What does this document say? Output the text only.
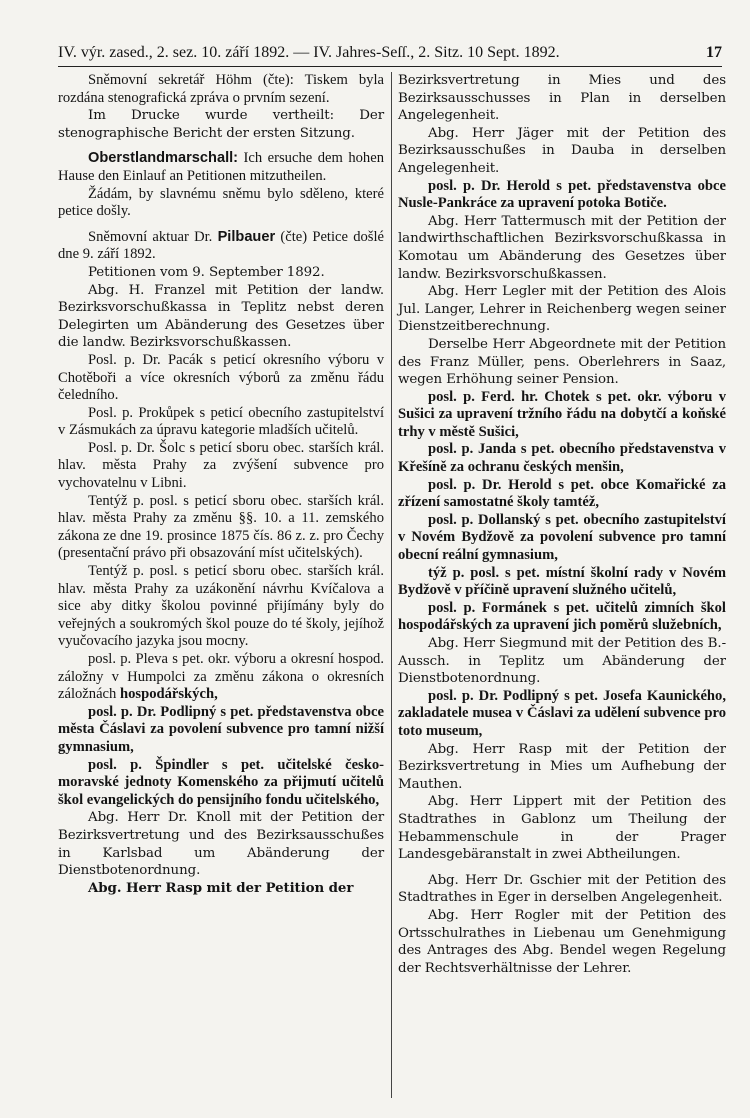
IV. výr. zased., 2. sez. 10. září 1892. — IV. Jahres-Seſſ., 2. Sitz. 10 Sept. 1892.	17

Sněmovní sekretář Höhm (čte): Tiskem byla rozdána stenografická zpráva o prvním sezení.

Im Drucke wurde vertheilt: Der stenographische Bericht der ersten Sitzung.

Oberstlandmarschall: Ich ersuche dem hohen Hause den Einlauf an Petitionen mitzutheilen.

Žádám, by slavnému sněmu bylo sděleno, které petice došly.

Sněmovní aktuar Dr. Pilbauer (čte) Petice došlé dne 9. září 1892.

Petitionen vom 9. September 1892.

Abg. H. Franzel mit Petition der landw. Bezirksvorschußkassa in Teplitz nebst deren Delegirten um Abänderung des Gesetzes über die landw. Bezirksvorschußkassen.

Posl. p. Dr. Pacák s peticí okresního výboru v Chotěboři a více okresních výborů za změnu řádu čeledního.

Posl. p. Prokůpek s peticí obecního zastupitelství v Zásmukách za úpravu kategorie mladších učitelů.

Posl. p. Dr. Šolc s peticí sboru obec. starších král. hlav. města Prahy za zvýšení subvence pro vychovatelnu v Libni.

Tentýž p. posl. s peticí sboru obec. starších král. hlav. města Prahy za změnu §§. 10. a 11. zemského zákona ze dne 19. prosince 1875 čís. 86 z. z. pro Čechy (presentační právo při obsazování míst učitelských).

Tentýž p. posl. s peticí sboru obec. starších král. hlav. města Prahy za uzákonění návrhu Kvíčalova a sice aby ditky školou povinné přijímány byly do veřejných a soukromých škol pouze do té školy, jejíhož vyučovacího jazyka jsou mocny.

posl. p. Pleva s pet. okr. výboru a okresní hospod. záložny v Humpolci za změnu zákona o okresních záložnách hospodářských,

posl. p. Dr. Podlipný s pet. představenstva obce města Čáslavi za povolení subvence pro tamní nižší gymnasium,

posl. p. Špindler s pet. učitelské česko-moravské jednoty Komenského za přijmutí učitelů škol evangelických do pensijního fondu učitelského,

Abg. Herr Dr. Knoll mit der Petition der Bezirksvertretung und des Bezirksausschußes in Karlsbad um Abänderung der Dienstbotenordnung.

Abg. Herr Rasp mit der Petition der

Bezirksvertretung in Mies und des Bezirksausschusses in Plan in derselben Angelegenheit.

Abg. Herr Jäger mit der Petition des Bezirksausschußes in Dauba in derselben Angelegenheit.

posl. p. Dr. Herold s pet. představenstva obce Nusle-Pankráce za upravení potoka Botiče.

Abg. Herr Tattermusch mit der Petition der landwirthschaftlichen Bezirksvorschußkassa in Komotau um Abänderung des Gesetzes über landw. Bezirksvorschußkassen.

Abg. Herr Legler mit der Petition des Alois Jul. Langer, Lehrer in Reichenberg wegen seiner Dienstzeitberechnung.

Derselbe Herr Abgeordnete mit der Petition des Franz Müller, pens. Oberlehrers in Saaz, wegen Erhöhung seiner Pension.

posl. p. Ferd. hr. Chotek s pet. okr. výboru v Sušici za upravení tržního řádu na dobytčí a koňské trhy v městě Sušici,

posl. p. Janda s pet. obecního představenstva v Křešíně za ochranu českých menšin,

posl. p. Dr. Herold s pet. obce Komařické za zřízení samostatné školy tamtéž,

posl. p. Dollanský s pet. obecního zastupitelství v Novém Bydžově za povolení subvence pro tamní obecní reální gymnasium,

týž p. posl. s pet. místní školní rady v Novém Bydžově v příčině upravení služného učitelů,

posl. p. Formánek s pet. učitelů zimních škol hospodářských za upravení jich poměrů služebních,

Abg. Herr Siegmund mit der Petition des B.-Aussch. in Teplitz um Abänderung der Dienstbotenordnung.

posl. p. Dr. Podlipný s pet. Josefa Kaunického, zakladatele musea v Čáslavi za udělení subvence pro toto museum,

Abg. Herr Rasp mit der Petition der Bezirksvertretung in Mies um Aufhebung der Mauthen.

Abg. Herr Lippert mit der Petition des Stadtrathes in Gablonz um Theilung der Hebammenschule in der Prager Landesgebäranstalt in zwei Abtheilungen.

Abg. Herr Dr. Gschier mit der Petition des Stadtrathes in Eger in derselben Angelegenheit.

Abg. Herr Rogler mit der Petition des Ortsschulrathes in Liebenau um Genehmigung des Antrages des Abg. Bendel wegen Regelung der Rechtsverhältnisse der Lehrer.
